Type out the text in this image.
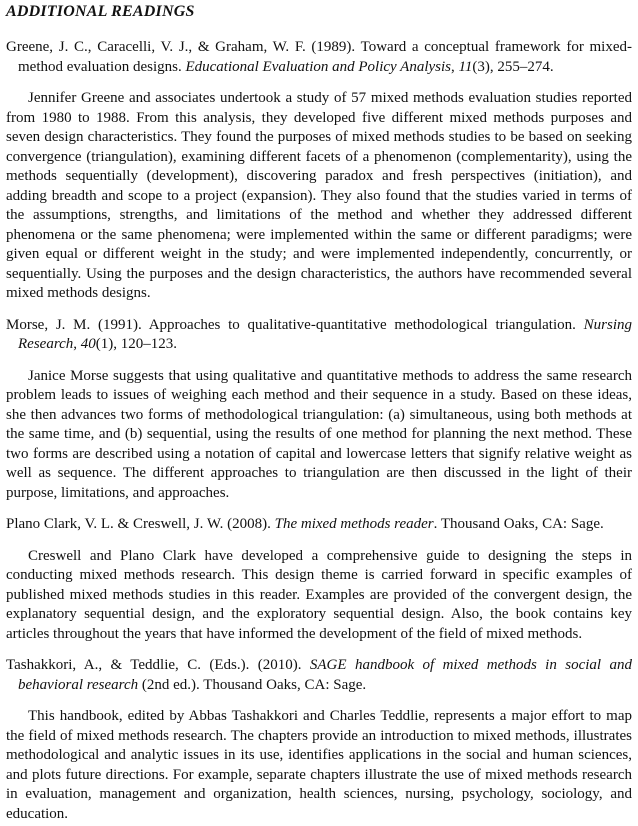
ADDITIONAL READINGS

Greene, J. C., Caracelli, V. J., & Graham, W. F. (1989). Toward a conceptual framework for mixed-method evaluation designs. Educational Evaluation and Policy Analysis, 11(3), 255–274.

Jennifer Greene and associates undertook a study of 57 mixed methods evaluation studies reported from 1980 to 1988. From this analysis, they developed five different mixed methods purposes and seven design characteristics. They found the purposes of mixed methods studies to be based on seeking convergence (triangulation), examining different facets of a phenomenon (complementarity), using the methods sequentially (development), discovering paradox and fresh perspectives (initiation), and adding breadth and scope to a project (expansion). They also found that the studies varied in terms of the assumptions, strengths, and limitations of the method and whether they addressed different phenomena or the same phenomena; were implemented within the same or different paradigms; were given equal or different weight in the study; and were implemented independently, concurrently, or sequentially. Using the purposes and the design characteristics, the authors have recommended several mixed methods designs.

Morse, J. M. (1991). Approaches to qualitative-quantitative methodological triangulation. Nursing Research, 40(1), 120–123.

Janice Morse suggests that using qualitative and quantitative methods to address the same research problem leads to issues of weighing each method and their sequence in a study. Based on these ideas, she then advances two forms of methodological triangulation: (a) simultaneous, using both methods at the same time, and (b) sequential, using the results of one method for planning the next method. These two forms are described using a notation of capital and lowercase letters that signify relative weight as well as sequence. The different approaches to triangulation are then discussed in the light of their purpose, limitations, and approaches.

Plano Clark, V. L. & Creswell, J. W. (2008). The mixed methods reader. Thousand Oaks, CA: Sage.

Creswell and Plano Clark have developed a comprehensive guide to designing the steps in conducting mixed methods research. This design theme is carried forward in specific examples of published mixed methods studies in this reader. Examples are provided of the convergent design, the explanatory sequential design, and the exploratory sequential design. Also, the book contains key articles throughout the years that have informed the development of the field of mixed methods.

Tashakkori, A., & Teddlie, C. (Eds.). (2010). SAGE handbook of mixed methods in social and behavioral research (2nd ed.). Thousand Oaks, CA: Sage.

This handbook, edited by Abbas Tashakkori and Charles Teddlie, represents a major effort to map the field of mixed methods research. The chapters provide an introduction to mixed methods, illustrates methodological and analytic issues in its use, identifies applications in the social and human sciences, and plots future directions. For example, separate chapters illustrate the use of mixed methods research in evaluation, management and organization, health sciences, nursing, psychology, sociology, and education.
